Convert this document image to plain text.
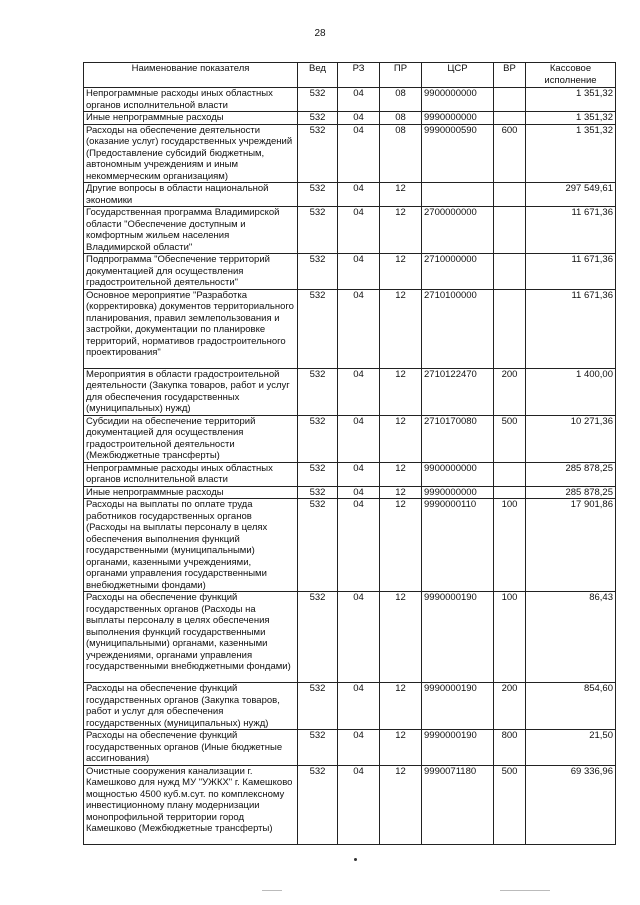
28
Наименование показателя	Вед	РЗ	ПР	ЦСР	ВР	Кассовое исполнение
Непрограммные расходы иных областных органов исполнительной власти	532	04	08	9900000000		1 351,32
Иные непрограммные расходы	532	04	08	9990000000		1 351,32
Расходы на обеспечение деятельности (оказание услуг) государственных учреждений (Предоставление субсидий бюджетным, автономным учреждениям и иным некоммерческим организациям)	532	04	08	9990000590	600	1 351,32
Другие вопросы в области национальной экономики	532	04	12			297 549,61
Государственная программа Владимирской области "Обеспечение доступным и комфортным жильем населения Владимирской области"	532	04	12	2700000000		11 671,36
Подпрограмма "Обеспечение территорий документацией для осуществления градостроительной деятельности"	532	04	12	2710000000		11 671,36
Основное мероприятие "Разработка (корректировка) документов территориального планирования, правил землепользования и застройки, документации по планировке территорий, нормативов градостроительного проектирования"	532	04	12	2710100000		11 671,36
Мероприятия в области градостроительной деятельности (Закупка товаров, работ и услуг для обеспечения государственных (муниципальных) нужд)	532	04	12	2710122470	200	1 400,00
Субсидии на обеспечение территорий документацией для осуществления градостроительной деятельности (Межбюджетные трансферты)	532	04	12	2710170080	500	10 271,36
Непрограммные расходы иных областных органов исполнительной власти	532	04	12	9900000000		285 878,25
Иные непрограммные расходы	532	04	12	9990000000		285 878,25
Расходы на выплаты по оплате труда работников государственных органов (Расходы на выплаты персоналу в целях обеспечения выполнения функций государственными (муниципальными) органами, казенными учреждениями, органами управления государственными внебюджетными фондами)	532	04	12	9990000110	100	17 901,86
Расходы на обеспечение функций государственных органов (Расходы на выплаты персоналу в целях обеспечения выполнения функций государственными (муниципальными) органами, казенными учреждениями, органами управления государственными внебюджетными фондами)	532	04	12	9990000190	100	86,43
Расходы на обеспечение функций государственных органов (Закупка товаров, работ и услуг для обеспечения государственных (муниципальных) нужд)	532	04	12	9990000190	200	854,60
Расходы на обеспечение функций государственных органов (Иные бюджетные ассигнования)	532	04	12	9990000190	800	21,50
Очистные сооружения канализации г. Камешково для нужд МУ "УЖКХ" г. Камешково мощностью 4500 куб.м.сут. по комплексному инвестиционному плану модернизации монопрофильной территории город Камешково (Межбюджетные трансферты)	532	04	12	9990071180	500	69 336,96
